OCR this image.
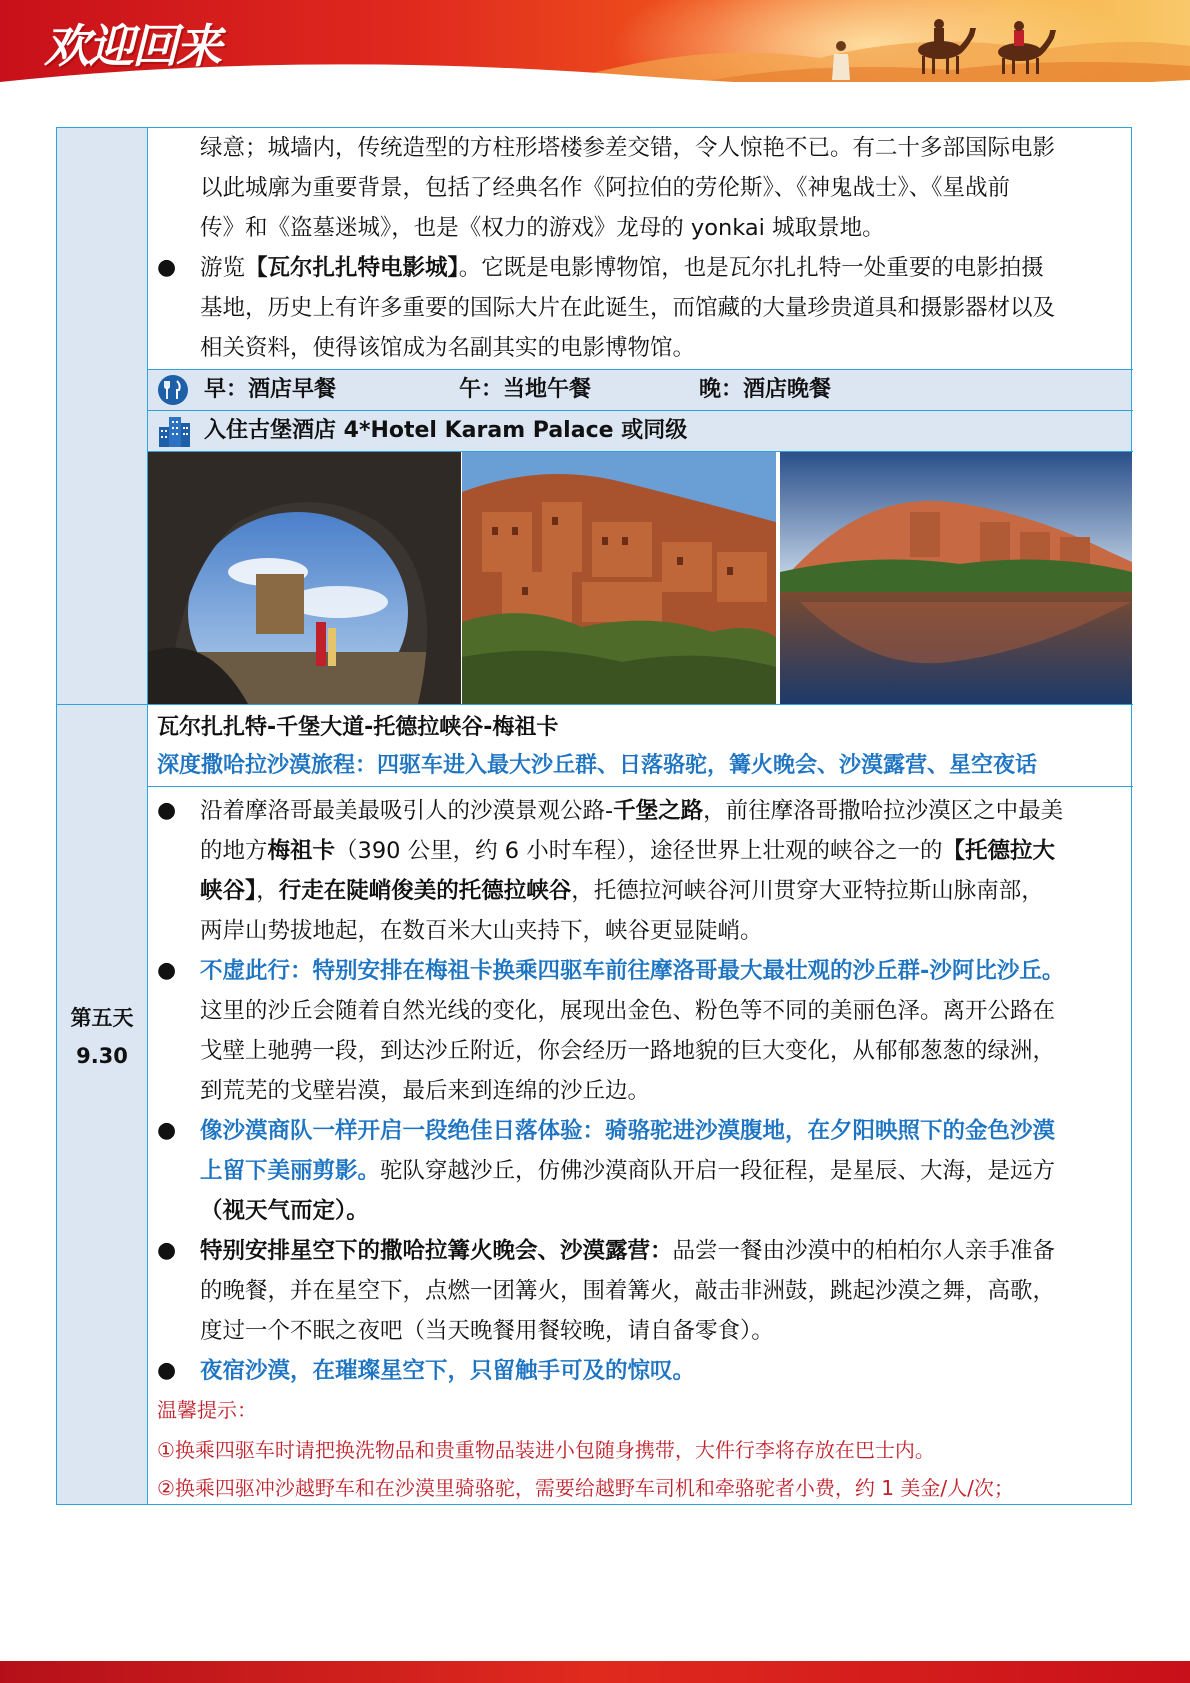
欢迎回来
绿意；城墙内，传统造型的方柱形塔楼参差交错，令人惊艳不已。有二十多部国际电影
以此城廓为重要背景，包括了经典名作《阿拉伯的劳伦斯》、《神鬼战士》、《星战前
传》和《盗墓迷城》，也是《权力的游戏》龙母的 yonkai 城取景地。
● 游览【瓦尔扎扎特电影城】。它既是电影博物馆，也是瓦尔扎扎特一处重要的电影拍摄
基地，历史上有许多重要的国际大片在此诞生，而馆藏的大量珍贵道具和摄影器材以及
相关资料，使得该馆成为名副其实的电影博物馆。
早：酒店早餐	午：当地午餐	晚：酒店晚餐
入住古堡酒店 4*Hotel Karam Palace 或同级
第五天
9.30
瓦尔扎扎特-千堡大道-托德拉峡谷-梅祖卡
深度撒哈拉沙漠旅程：四驱车进入最大沙丘群、日落骆驼，篝火晚会、沙漠露营、星空夜话
● 沿着摩洛哥最美最吸引人的沙漠景观公路-千堡之路，前往摩洛哥撒哈拉沙漠区之中最美
的地方梅祖卡（390 公里，约 6 小时车程），途径世界上壮观的峡谷之一的【托德拉大
峡谷】，行走在陡峭俊美的托德拉峡谷，托德拉河峡谷河川贯穿大亚特拉斯山脉南部，
两岸山势拔地起，在数百米大山夹持下，峡谷更显陡峭。
● 不虚此行：特别安排在梅祖卡换乘四驱车前往摩洛哥最大最壮观的沙丘群-沙阿比沙丘。
这里的沙丘会随着自然光线的变化，展现出金色、粉色等不同的美丽色泽。离开公路在
戈壁上驰骋一段，到达沙丘附近，你会经历一路地貌的巨大变化，从郁郁葱葱的绿洲，
到荒芜的戈壁岩漠，最后来到连绵的沙丘边。
● 像沙漠商队一样开启一段绝佳日落体验：骑骆驼进沙漠腹地，在夕阳映照下的金色沙漠
上留下美丽剪影。驼队穿越沙丘，仿佛沙漠商队开启一段征程，是星辰、大海，是远方
（视天气而定）。
● 特别安排星空下的撒哈拉篝火晚会、沙漠露营：品尝一餐由沙漠中的柏柏尔人亲手准备
的晚餐，并在星空下，点燃一团篝火，围着篝火，敲击非洲鼓，跳起沙漠之舞，高歌，
度过一个不眠之夜吧（当天晚餐用餐较晚，请自备零食）。
● 夜宿沙漠，在璀璨星空下，只留触手可及的惊叹。
温馨提示：
①换乘四驱车时请把换洗物品和贵重物品装进小包随身携带，大件行李将存放在巴士内。
②换乘四驱冲沙越野车和在沙漠里骑骆驼，需要给越野车司机和牵骆驼者小费，约 1 美金/人/次；
